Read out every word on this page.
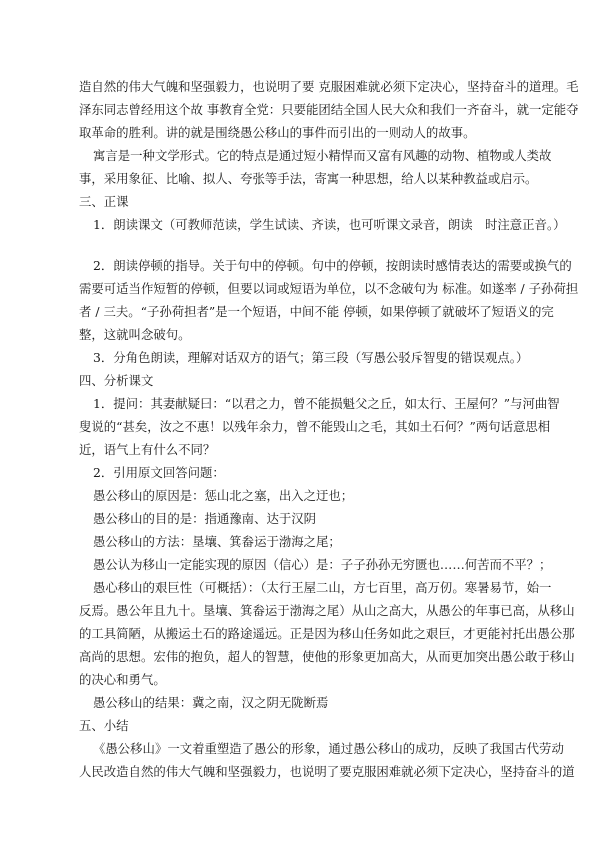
造自然的伟大气魄和坚强毅力，也说明了要 克服困难就必须下定决心，坚持奋斗的道理。毛
泽东同志曾经用这个故 事教育全党：只要能团结全国人民大众和我们一齐奋斗，就一定能夺
取革命的胜利。讲的就是围绕愚公移山的事件而引出的一则动人的故事。
寓言是一种文学形式。它的特点是通过短小精悍而又富有风趣的动物、植物或人类故
事，采用象征、比喻、拟人、夸张等手法，寄寓一种思想，给人以某种教益或启示。
三、正课
1．朗读课文（可教师范读，学生试读、齐读，也可听课文录音，朗读　时注意正音。）
2．朗读停顿的指导。关于句中的停顿。句中的停顿，按朗读时感情表达的需要或换气的
需要可适当作短暂的停顿，但要以词或短语为单位，以不念破句为 标准。如遂率 / 子孙荷担
者 / 三夫。“子孙荷担者”是一个短语，中间不能 停顿，如果停顿了就破坏了短语义的完
整，这就叫念破句。
3．分角色朗读，理解对话双方的语气；第三段（写愚公驳斥智叟的错误观点。）
四、分析课文
1．提问：其妻献疑曰：“以君之力，曾不能损魁父之丘，如太行、王屋何？”与河曲智
叟说的“甚矣，汝之不惠！以残年余力，曾不能毁山之毛，其如土石何？”两句话意思相
近，语气上有什么不同？
2．引用原文回答问题：
愚公移山的原因是：惩山北之塞，出入之迂也；
愚公移山的目的是：指通豫南、达于汉阴
愚公移山的方法：垦壤、箕畚运于渤海之尾；
愚公认为移山一定能实现的原因（信心）是：子子孙孙无穷匮也……何苦而不平？；
愚心移山的艰巨性（可概括）：（太行王屋二山，方七百里，高万仞。寒暑易节，始一
反焉。愚公年且九十。垦壤、箕畚运于渤海之尾）从山之高大，从愚公的年事已高，从移山
的工具简陋，从搬运土石的路途遥远。正是因为移山任务如此之艰巨，才更能衬托出愚公那
高尚的思想。宏伟的抱负，超人的智慧，使他的形象更加高大，从而更加突出愚公敢于移山
的决心和勇气。
愚公移山的结果：冀之南，汉之阴无陇断焉
五、小结
《愚公移山》一文着重塑造了愚公的形象，通过愚公移山的成功，反映了我国古代劳动
人民改造自然的伟大气魄和坚强毅力，也说明了要克服困难就必须下定决心，坚持奋斗的道
